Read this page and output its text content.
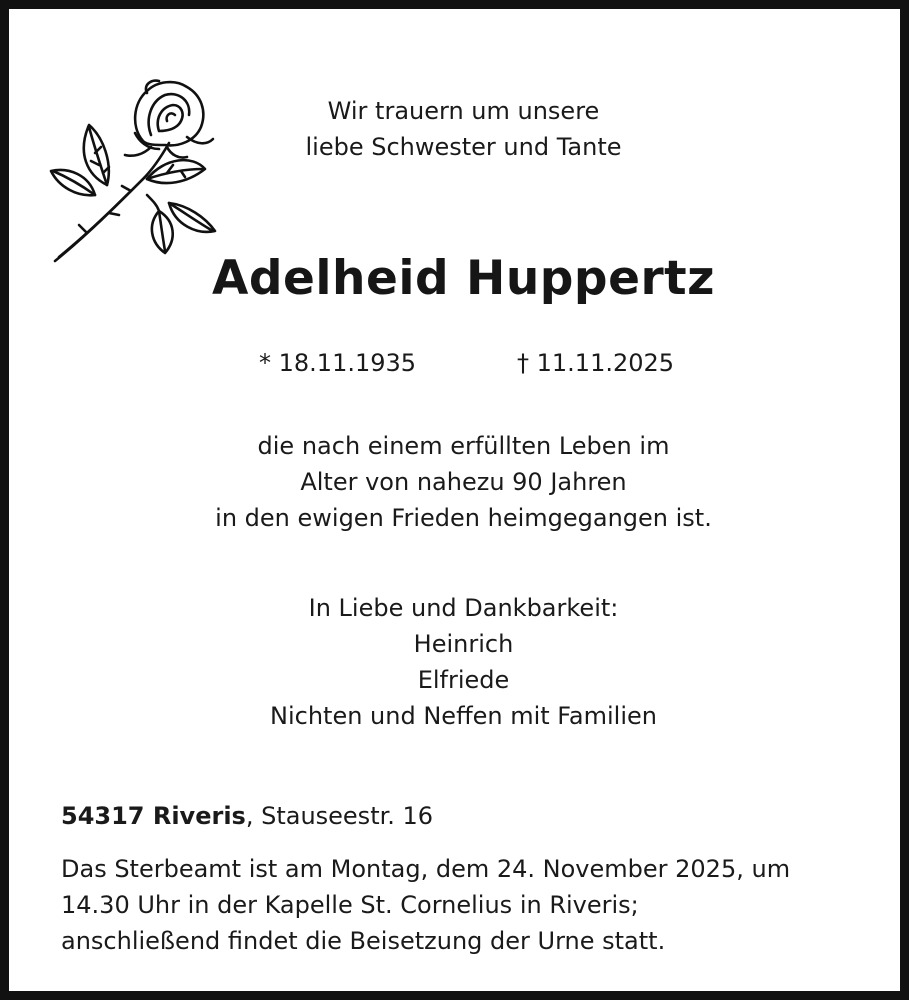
Wir trauern um unsere
liebe Schwester und Tante
Adelheid Huppertz
* 18.11.1935	† 11.11.2025
die nach einem erfüllten Leben im
Alter von nahezu 90 Jahren
in den ewigen Frieden heimgegangen ist.
In Liebe und Dankbarkeit:
Heinrich
Elfriede
Nichten und Neffen mit Familien
54317 Riveris, Stauseestr. 16
Das Sterbeamt ist am Montag, dem 24. November 2025, um
14.30 Uhr in der Kapelle St. Cornelius in Riveris;
anschließend findet die Beisetzung der Urne statt.
